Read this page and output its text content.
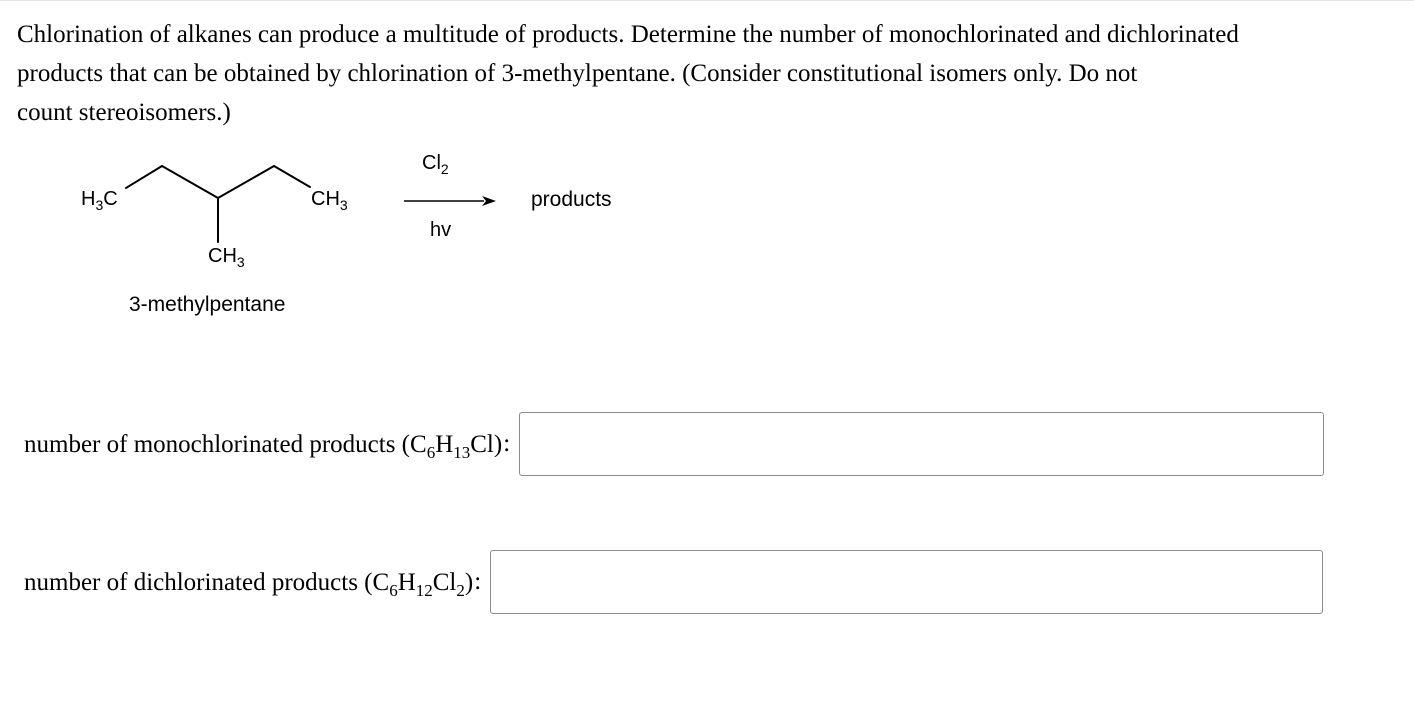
Chlorination of alkanes can produce a multitude of products. Determine the number of monochlorinated and dichlorinated
products that can be obtained by chlorination of 3-methylpentane. (Consider constitutional isomers only. Do not
count stereoisomers.)
$H_3C$	$CH_3$
$CH_3$
3-methylpentane
$Cl_2$
hv
products
number of monochlorinated products $(C_6H_{13}Cl)$ :
number of dichlorinated products $(C_6H_{12}Cl_2)$ :
